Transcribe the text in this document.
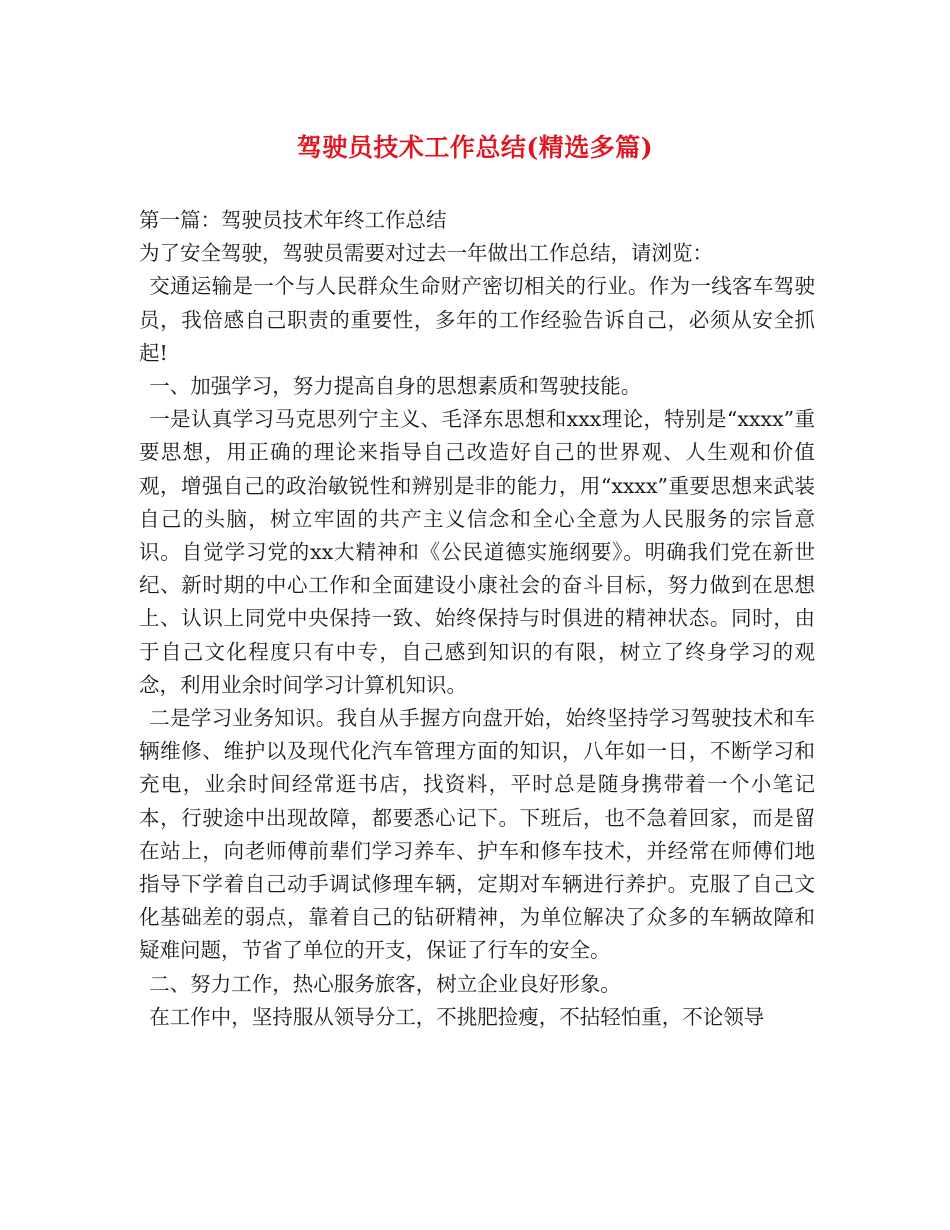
驾驶员技术工作总结(精选多篇)

第一篇：驾驶员技术年终工作总结

为了安全驾驶，驾驶员需要对过去一年做出工作总结，请浏览：

交通运输是一个与人民群众生命财产密切相关的行业。作为一线客车驾驶员，我倍感自己职责的重要性，多年的工作经验告诉自己，必须从安全抓起!

一、加强学习，努力提高自身的思想素质和驾驶技能。

一是认真学习马克思列宁主义、毛泽东思想和xxx理论，特别是“xxxx”重要思想，用正确的理论来指导自己改造好自己的世界观、人生观和价值观，增强自己的政治敏锐性和辨别是非的能力，用“xxxx”重要思想来武装自己的头脑，树立牢固的共产主义信念和全心全意为人民服务的宗旨意识。自觉学习党的xx大精神和《公民道德实施纲要》。明确我们党在新世纪、新时期的中心工作和全面建设小康社会的奋斗目标，努力做到在思想上、认识上同党中央保持一致、始终保持与时俱进的精神状态。同时，由于自己文化程度只有中专，自己感到知识的有限，树立了终身学习的观念，利用业余时间学习计算机知识。

二是学习业务知识。我自从手握方向盘开始，始终坚持学习驾驶技术和车辆维修、维护以及现代化汽车管理方面的知识，八年如一日，不断学习和充电，业余时间经常逛书店，找资料，平时总是随身携带着一个小笔记本，行驶途中出现故障，都要悉心记下。下班后，也不急着回家，而是留在站上，向老师傅前辈们学习养车、护车和修车技术，并经常在师傅们地指导下学着自己动手调试修理车辆，定期对车辆进行养护。克服了自己文化基础差的弱点，靠着自己的钻研精神，为单位解决了众多的车辆故障和疑难问题，节省了单位的开支，保证了行车的安全。

二、努力工作，热心服务旅客，树立企业良好形象。

在工作中，坚持服从领导分工，不挑肥捡瘦，不拈轻怕重，不论领导
